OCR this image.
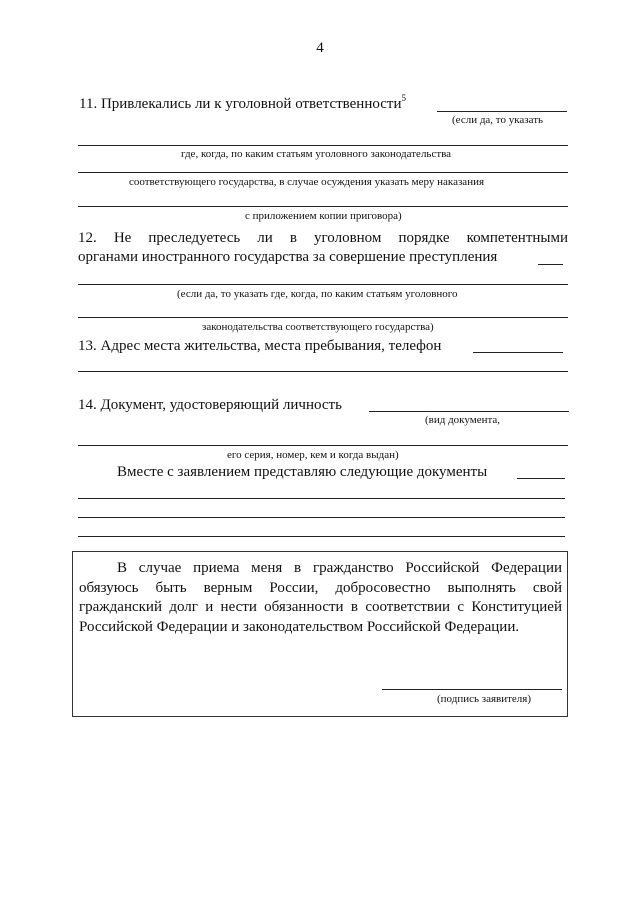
4
11. Привлекались ли к уголовной ответственности$^5$
(если да, то указать
где, когда, по каким статьям уголовного законодательства
соответствующего государства, в случае осуждения указать меру наказания
с приложением копии приговора)
12. Не преследуетесь ли в уголовном порядке компетентными
органами иностранного государства за совершение преступления
(если да, то указать где, когда, по каким статьям уголовного
законодательства соответствующего государства)
13. Адрес места жительства, места пребывания, телефон
14. Документ, удостоверяющий личность
(вид документа,
его серия, номер, кем и когда выдан)
Вместе с заявлением представляю следующие документы
В случае приема меня в гражданство Российской Федерации обязуюсь быть верным России, добросовестно выполнять свой гражданский долг и нести обязанности в соответствии с Конституцией Российской Федерации и законодательством Российской Федерации.
(подпись заявителя)
